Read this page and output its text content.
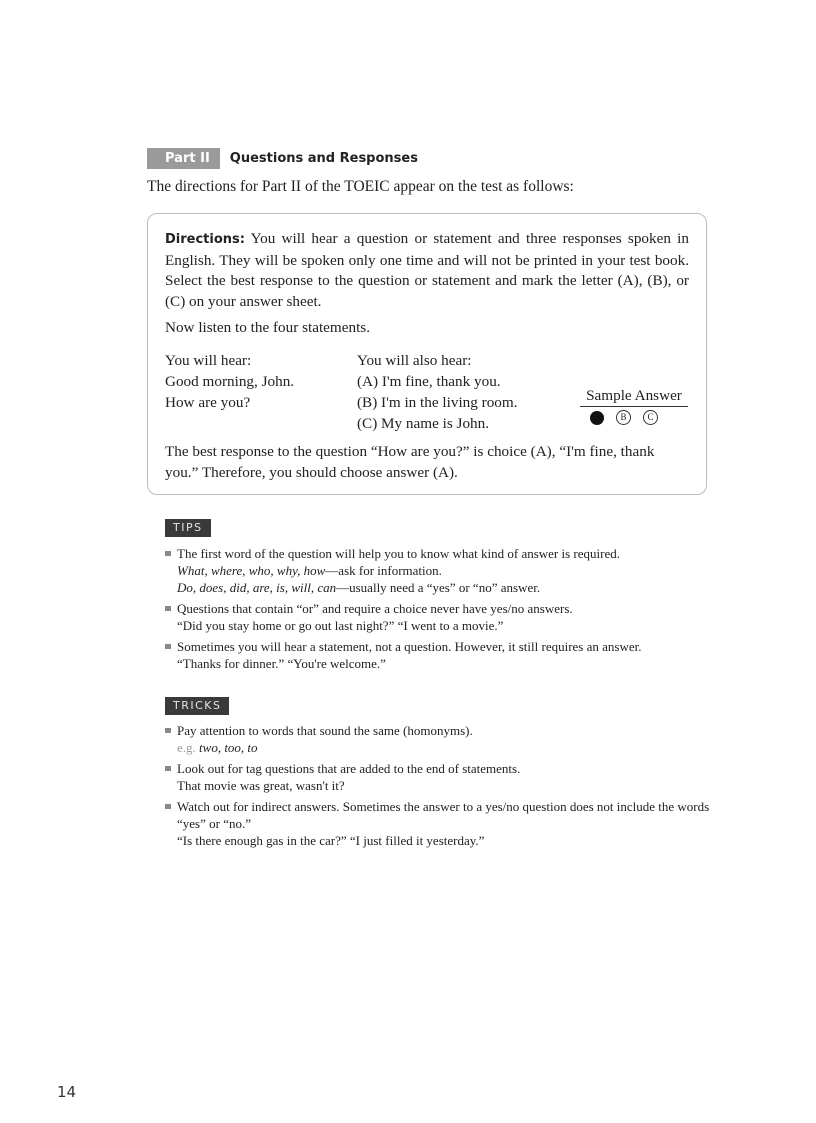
Part II	Questions and Responses
The directions for Part II of the TOEIC appear on the test as follows:
Directions: You will hear a question or statement and three responses spoken in English. They will be spoken only one time and will not be printed in your test book. Select the best response to the question or statement and mark the letter (A), (B), or (C) on your answer sheet.
Now listen to the four statements.
You will hear:
Good morning, John.
How are you?
You will also hear:
(A) I'm fine, thank you.
(B) I'm in the living room.
(C) My name is John.
Sample Answer
B	C
The best response to the question “How are you?” is choice (A), “I'm fine, thank you.” Therefore, you should choose answer (A).
TIPS
The first word of the question will help you to know what kind of answer is required.
What, where, who, why, how—ask for information.
Do, does, did, are, is, will, can—usually need a “yes” or “no” answer.
Questions that contain “or” and require a choice never have yes/no answers.
“Did you stay home or go out last night?” “I went to a movie.”
Sometimes you will hear a statement, not a question. However, it still requires an answer.
“Thanks for dinner.” “You're welcome.”
TRICKS
Pay attention to words that sound the same (homonyms).
e.g. two, too, to
Look out for tag questions that are added to the end of statements.
That movie was great, wasn't it?
Watch out for indirect answers. Sometimes the answer to a yes/no question does not include the words “yes” or “no.”
“Is there enough gas in the car?” “I just filled it yesterday.”
14
